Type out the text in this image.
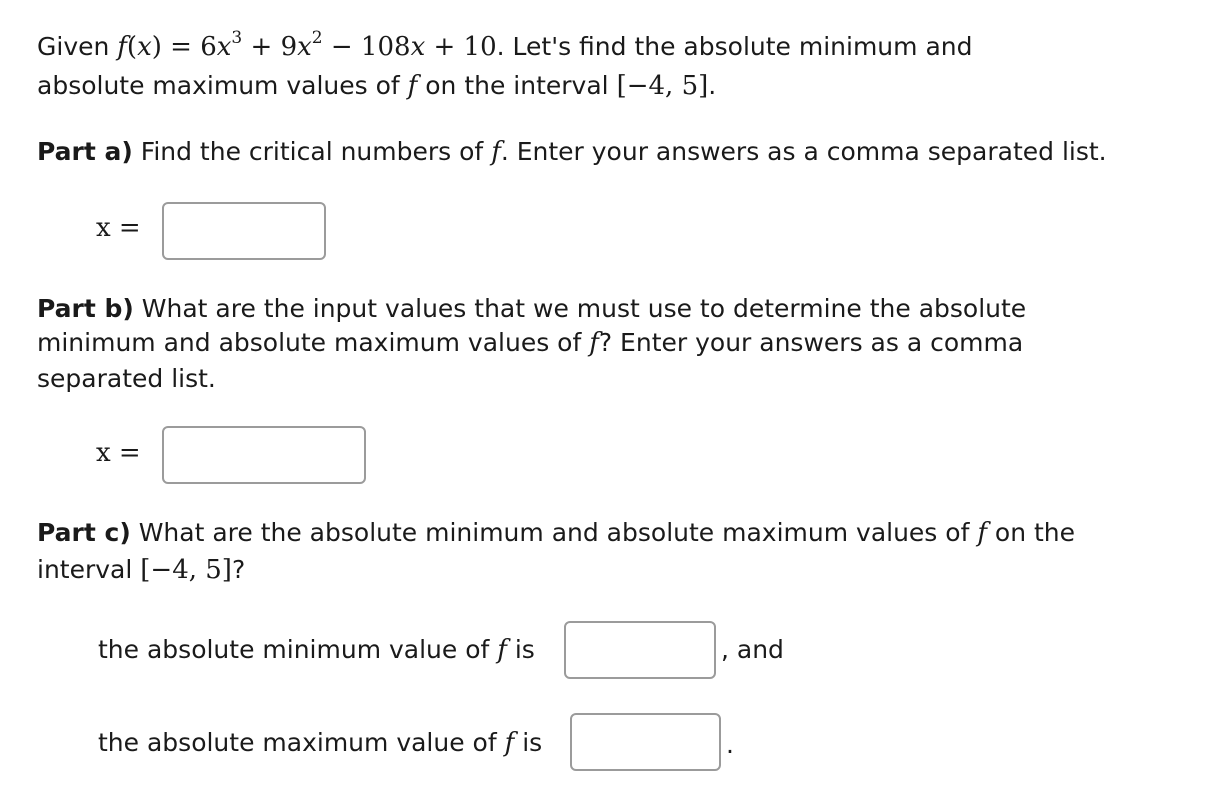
Given $f(x) = 6x^3 + 9x^2 - 108x + 10$. Let's find the absolute minimum and
absolute maximum values of f on the interval [−4, 5].
Part a) Find the critical numbers of f. Enter your answers as a comma separated list.
x =
Part b) What are the input values that we must use to determine the absolute
minimum and absolute maximum values of f? Enter your answers as a comma
separated list.
x =
Part c) What are the absolute minimum and absolute maximum values of f on the
interval [−4, 5]?
the absolute minimum value of f is	, and
the absolute maximum value of f is	.
